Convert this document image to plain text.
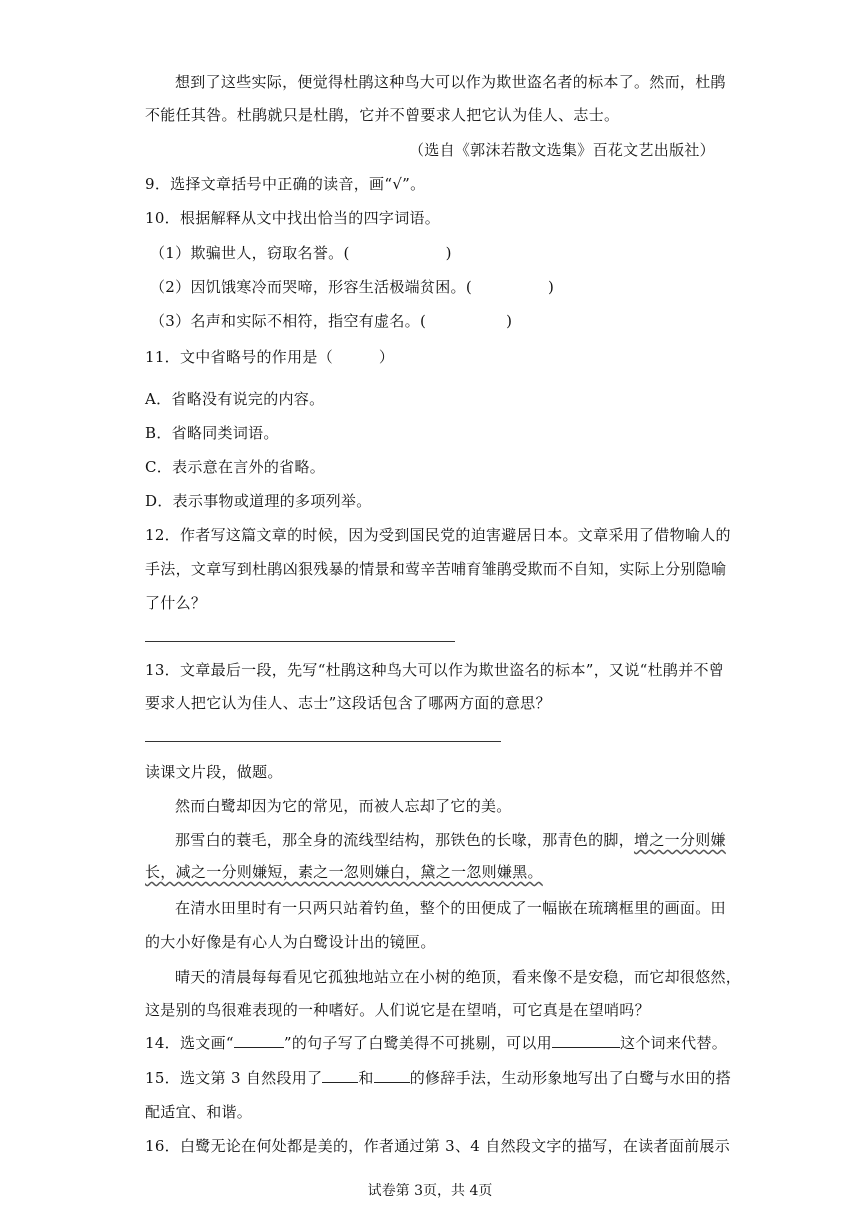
想到了这些实际，便觉得杜鹃这种鸟大可以作为欺世盗名者的标本了。然而，杜鹃
不能任其咎。杜鹃就只是杜鹃，它并不曾要求人把它认为佳人、志士。
（选自《郭沫若散文选集》百花文艺出版社）
9．选择文章括号中正确的读音，画“√”。
10．根据解释从文中找出恰当的四字词语。
（1）欺骗世人，窃取名誉。(	)
（2）因饥饿寒冷而哭啼，形容生活极端贫困。(	)
（3）名声和实际不相符，指空有虚名。(	)
11．文中省略号的作用是（　　　）
A．省略没有说完的内容。
B．省略同类词语。
C．表示意在言外的省略。
D．表示事物或道理的多项列举。
12．作者写这篇文章的时候，因为受到国民党的迫害避居日本。文章采用了借物喻人的
手法，文章写到杜鹃凶狠残暴的情景和莺辛苦哺育雏鹃受欺而不自知，实际上分别隐喻
了什么？
13．文章最后一段，先写“杜鹃这种鸟大可以作为欺世盗名的标本”，又说“杜鹃并不曾
要求人把它认为佳人、志士”这段话包含了哪两方面的意思？
读课文片段，做题。
然而白鹭却因为它的常见，而被人忘却了它的美。
那雪白的蓑毛，那全身的流线型结构，那铁色的长喙，那青色的脚，增之一分则嫌
长，减之一分则嫌短，素之一忽则嫌白，黛之一忽则嫌黑。
在清水田里时有一只两只站着钓鱼，整个的田便成了一幅嵌在琉璃框里的画面。田
的大小好像是有心人为白鹭设计出的镜匣。
晴天的清晨每每看见它孤独地站立在小树的绝顶，看来像不是安稳，而它却很悠然，
这是别的鸟很难表现的一种嗜好。人们说它是在望哨，可它真是在望哨吗？
14．选文画“	”的句子写了白鹭美得不可挑剔，可以用	这个词来代替。
15．选文第 3 自然段用了 和 的修辞手法，生动形象地写出了白鹭与水田的搭
配适宜、和谐。
16．白鹭无论在何处都是美的，作者通过第 3、4 自然段文字的描写，在读者面前展示
试卷第 3页，共 4页
